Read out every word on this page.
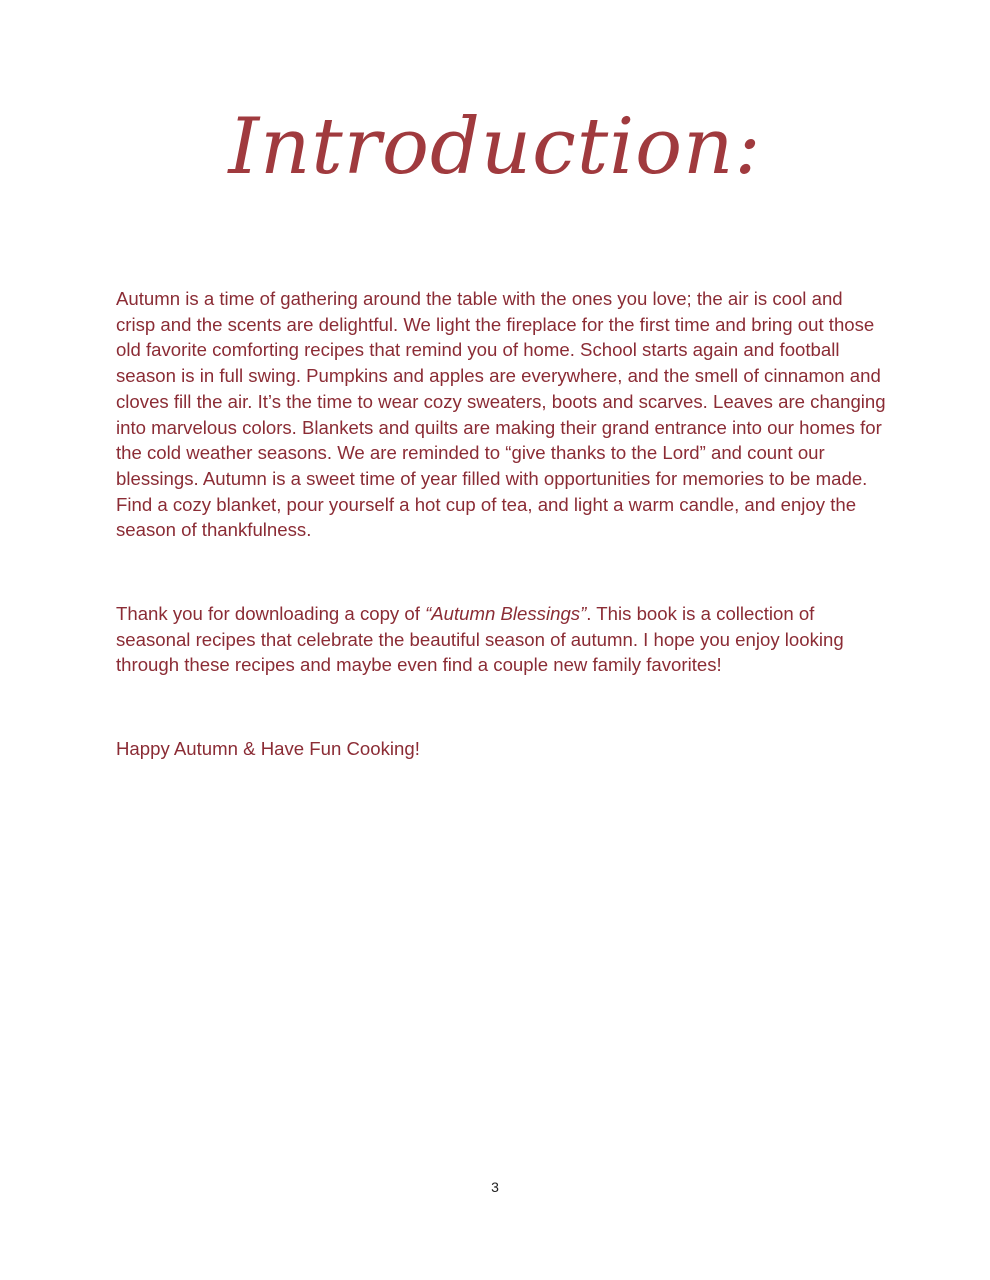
Introduction:

Autumn is a time of gathering around the table with the ones you love; the air is cool and crisp and the scents are delightful. We light the fireplace for the first time and bring out those old favorite comforting recipes that remind you of home. School starts again and football season is in full swing. Pumpkins and apples are everywhere, and the smell of cinnamon and cloves fill the air. It’s the time to wear cozy sweaters, boots and scarves. Leaves are changing into marvelous colors. Blankets and quilts are making their grand entrance into our homes for the cold weather seasons. We are reminded to “give thanks to the Lord” and count our blessings. Autumn is a sweet time of year filled with opportunities for memories to be made. Find a cozy blanket, pour yourself a hot cup of tea, and light a warm candle, and enjoy the season of thankfulness.

Thank you for downloading a copy of “Autumn Blessings”. This book is a collection of seasonal recipes that celebrate the beautiful season of autumn. I hope you enjoy looking through these recipes and maybe even find a couple new family favorites!

Happy Autumn & Have Fun Cooking!

3
